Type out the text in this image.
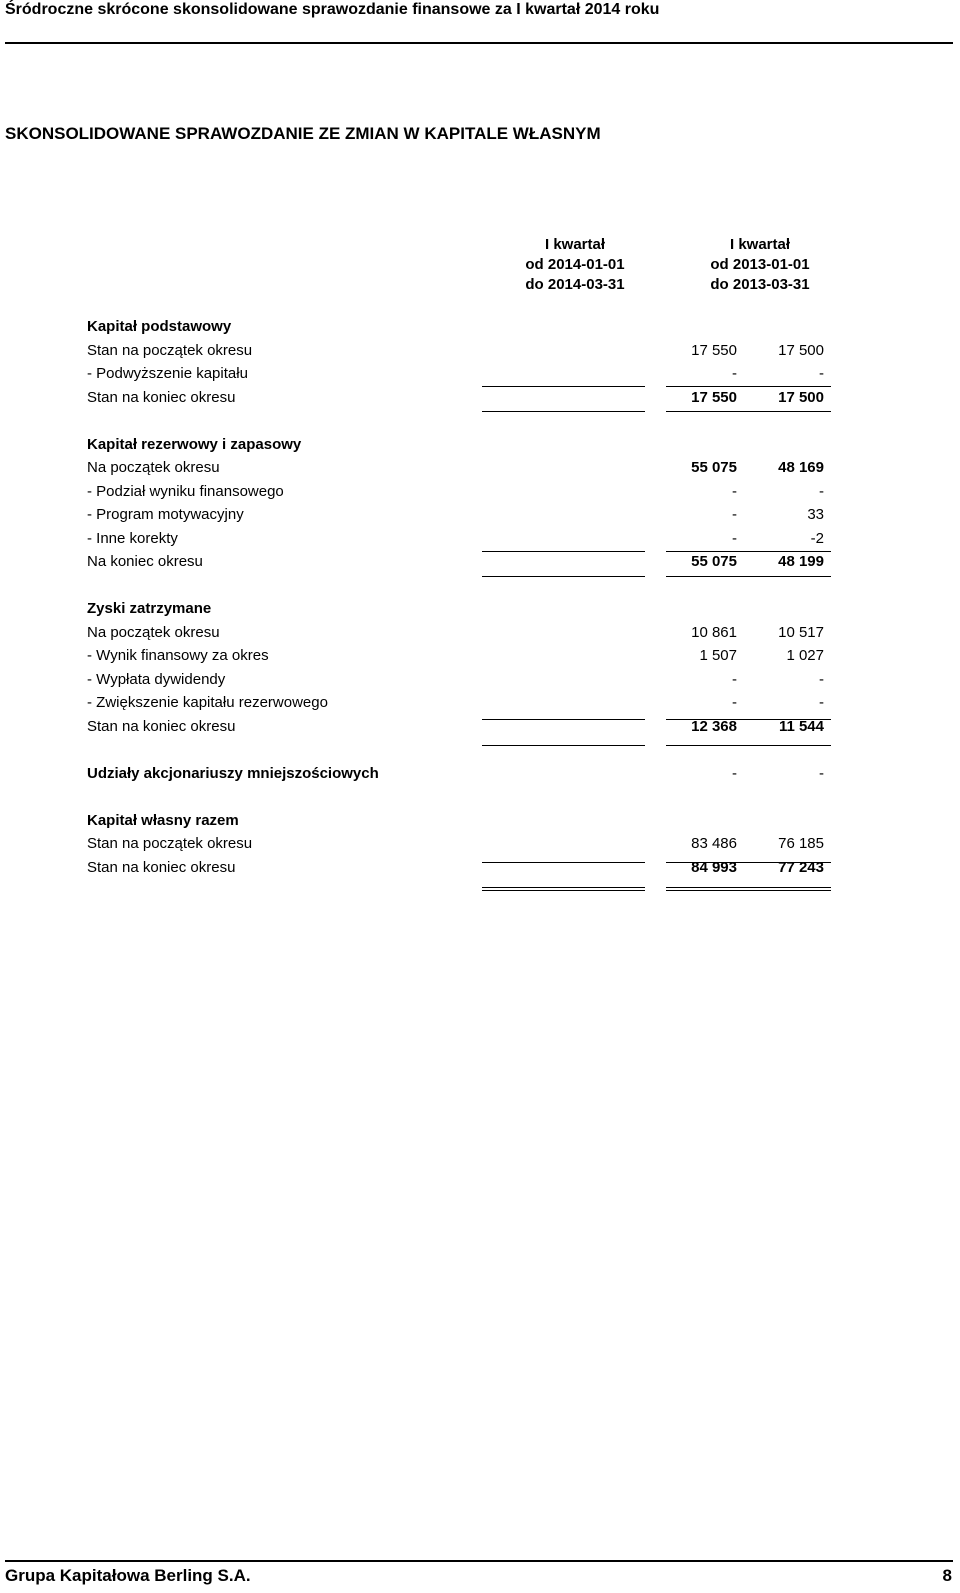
Śródroczne skrócone skonsolidowane sprawozdanie finansowe za I kwartał 2014 roku
SKONSOLIDOWANE SPRAWOZDANIE ZE ZMIAN W KAPITALE WŁASNYM
I kwartał
od 2014-01-01
do 2014-03-31
I kwartał
od 2013-01-01
do 2013-03-31
Kapitał podstawowy
Stan na początek okresu	17 550	17 500
- Podwyższenie kapitału	-	-
Stan na koniec okresu	17 550	17 500
Kapitał rezerwowy i zapasowy
Na początek okresu	55 075	48 169
- Podział wyniku finansowego	-	-
- Program motywacyjny	-	33
- Inne korekty	-	-2
Na koniec okresu	55 075	48 199
Zyski zatrzymane
Na początek okresu	10 861	10 517
- Wynik finansowy za okres	1 507	1 027
- Wypłata dywidendy	-	-
- Zwiększenie kapitału rezerwowego	-	-
Stan na koniec okresu	12 368	11 544
Udziały akcjonariuszy mniejszościowych	-	-
Kapitał własny razem
Stan na początek okresu	83 486	76 185
Stan na koniec okresu	84 993	77 243
Grupa Kapitałowa Berling S.A.	8
